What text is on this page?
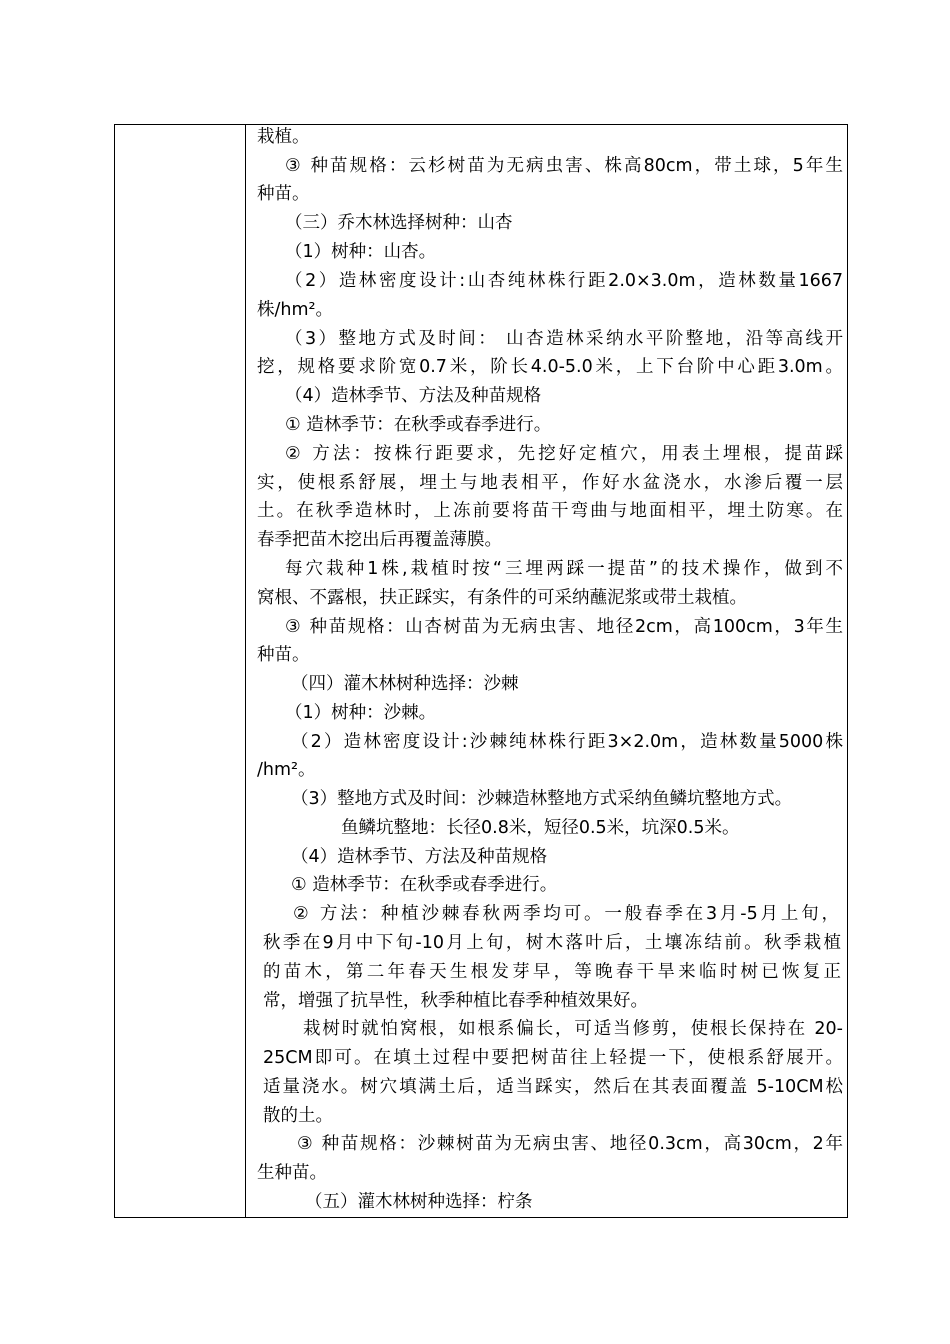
栽植。
③ 种苗规格：云杉树苗为无病虫害、株高80cm，带土球，5年生
种苗。
（三）乔木林选择树种：山杏
（1）树种：山杏。
（2）造林密度设计:山杏纯林株行距2.0×3.0m，造林数量1667
株/hm²。
（3）整地方式及时间： 山杏造林采纳水平阶整地，沿等高线开
挖，规格要求阶宽0.7米，阶长4.0-5.0米，上下台阶中心距3.0m。
（4）造林季节、方法及种苗规格
① 造林季节：在秋季或春季进行。
② 方法：按株行距要求，先挖好定植穴，用表土埋根，提苗踩
实，使根系舒展，埋土与地表相平，作好水盆浇水，水渗后覆一层
土。在秋季造林时，上冻前要将苗干弯曲与地面相平，埋土防寒。在
春季把苗木挖出后再覆盖薄膜。
每穴栽种1株,栽植时按“三埋两踩一提苗”的技术操作，做到不
窝根、不露根，扶正踩实，有条件的可采纳蘸泥浆或带土栽植。
③ 种苗规格：山杏树苗为无病虫害、地径2cm，高100cm，3年生
种苗。
（四）灌木林树种选择：沙棘
（1）树种：沙棘。
（2）造林密度设计:沙棘纯林株行距3×2.0m，造林数量5000株
/hm²。
（3）整地方式及时间：沙棘造林整地方式采纳鱼鳞坑整地方式。
鱼鳞坑整地：长径0.8米，短径0.5米，坑深0.5米。
（4）造林季节、方法及种苗规格
① 造林季节：在秋季或春季进行。
② 方法：种植沙棘春秋两季均可。一般春季在3月-5月上旬，
秋季在9月中下旬-10月上旬，树木落叶后，土壤冻结前。秋季栽植
的苗木，第二年春天生根发芽早，等晚春干旱来临时树已恢复正
常，增强了抗旱性，秋季种植比春季种植效果好。
栽树时就怕窝根，如根系偏长，可适当修剪，使根长保持在 20-
25CM即可。在填土过程中要把树苗往上轻提一下，使根系舒展开。
适量浇水。树穴填满土后，适当踩实，然后在其表面覆盖 5-10CM松
散的土。
③ 种苗规格：沙棘树苗为无病虫害、地径0.3cm，高30cm，2年
生种苗。
（五）灌木林树种选择：柠条
